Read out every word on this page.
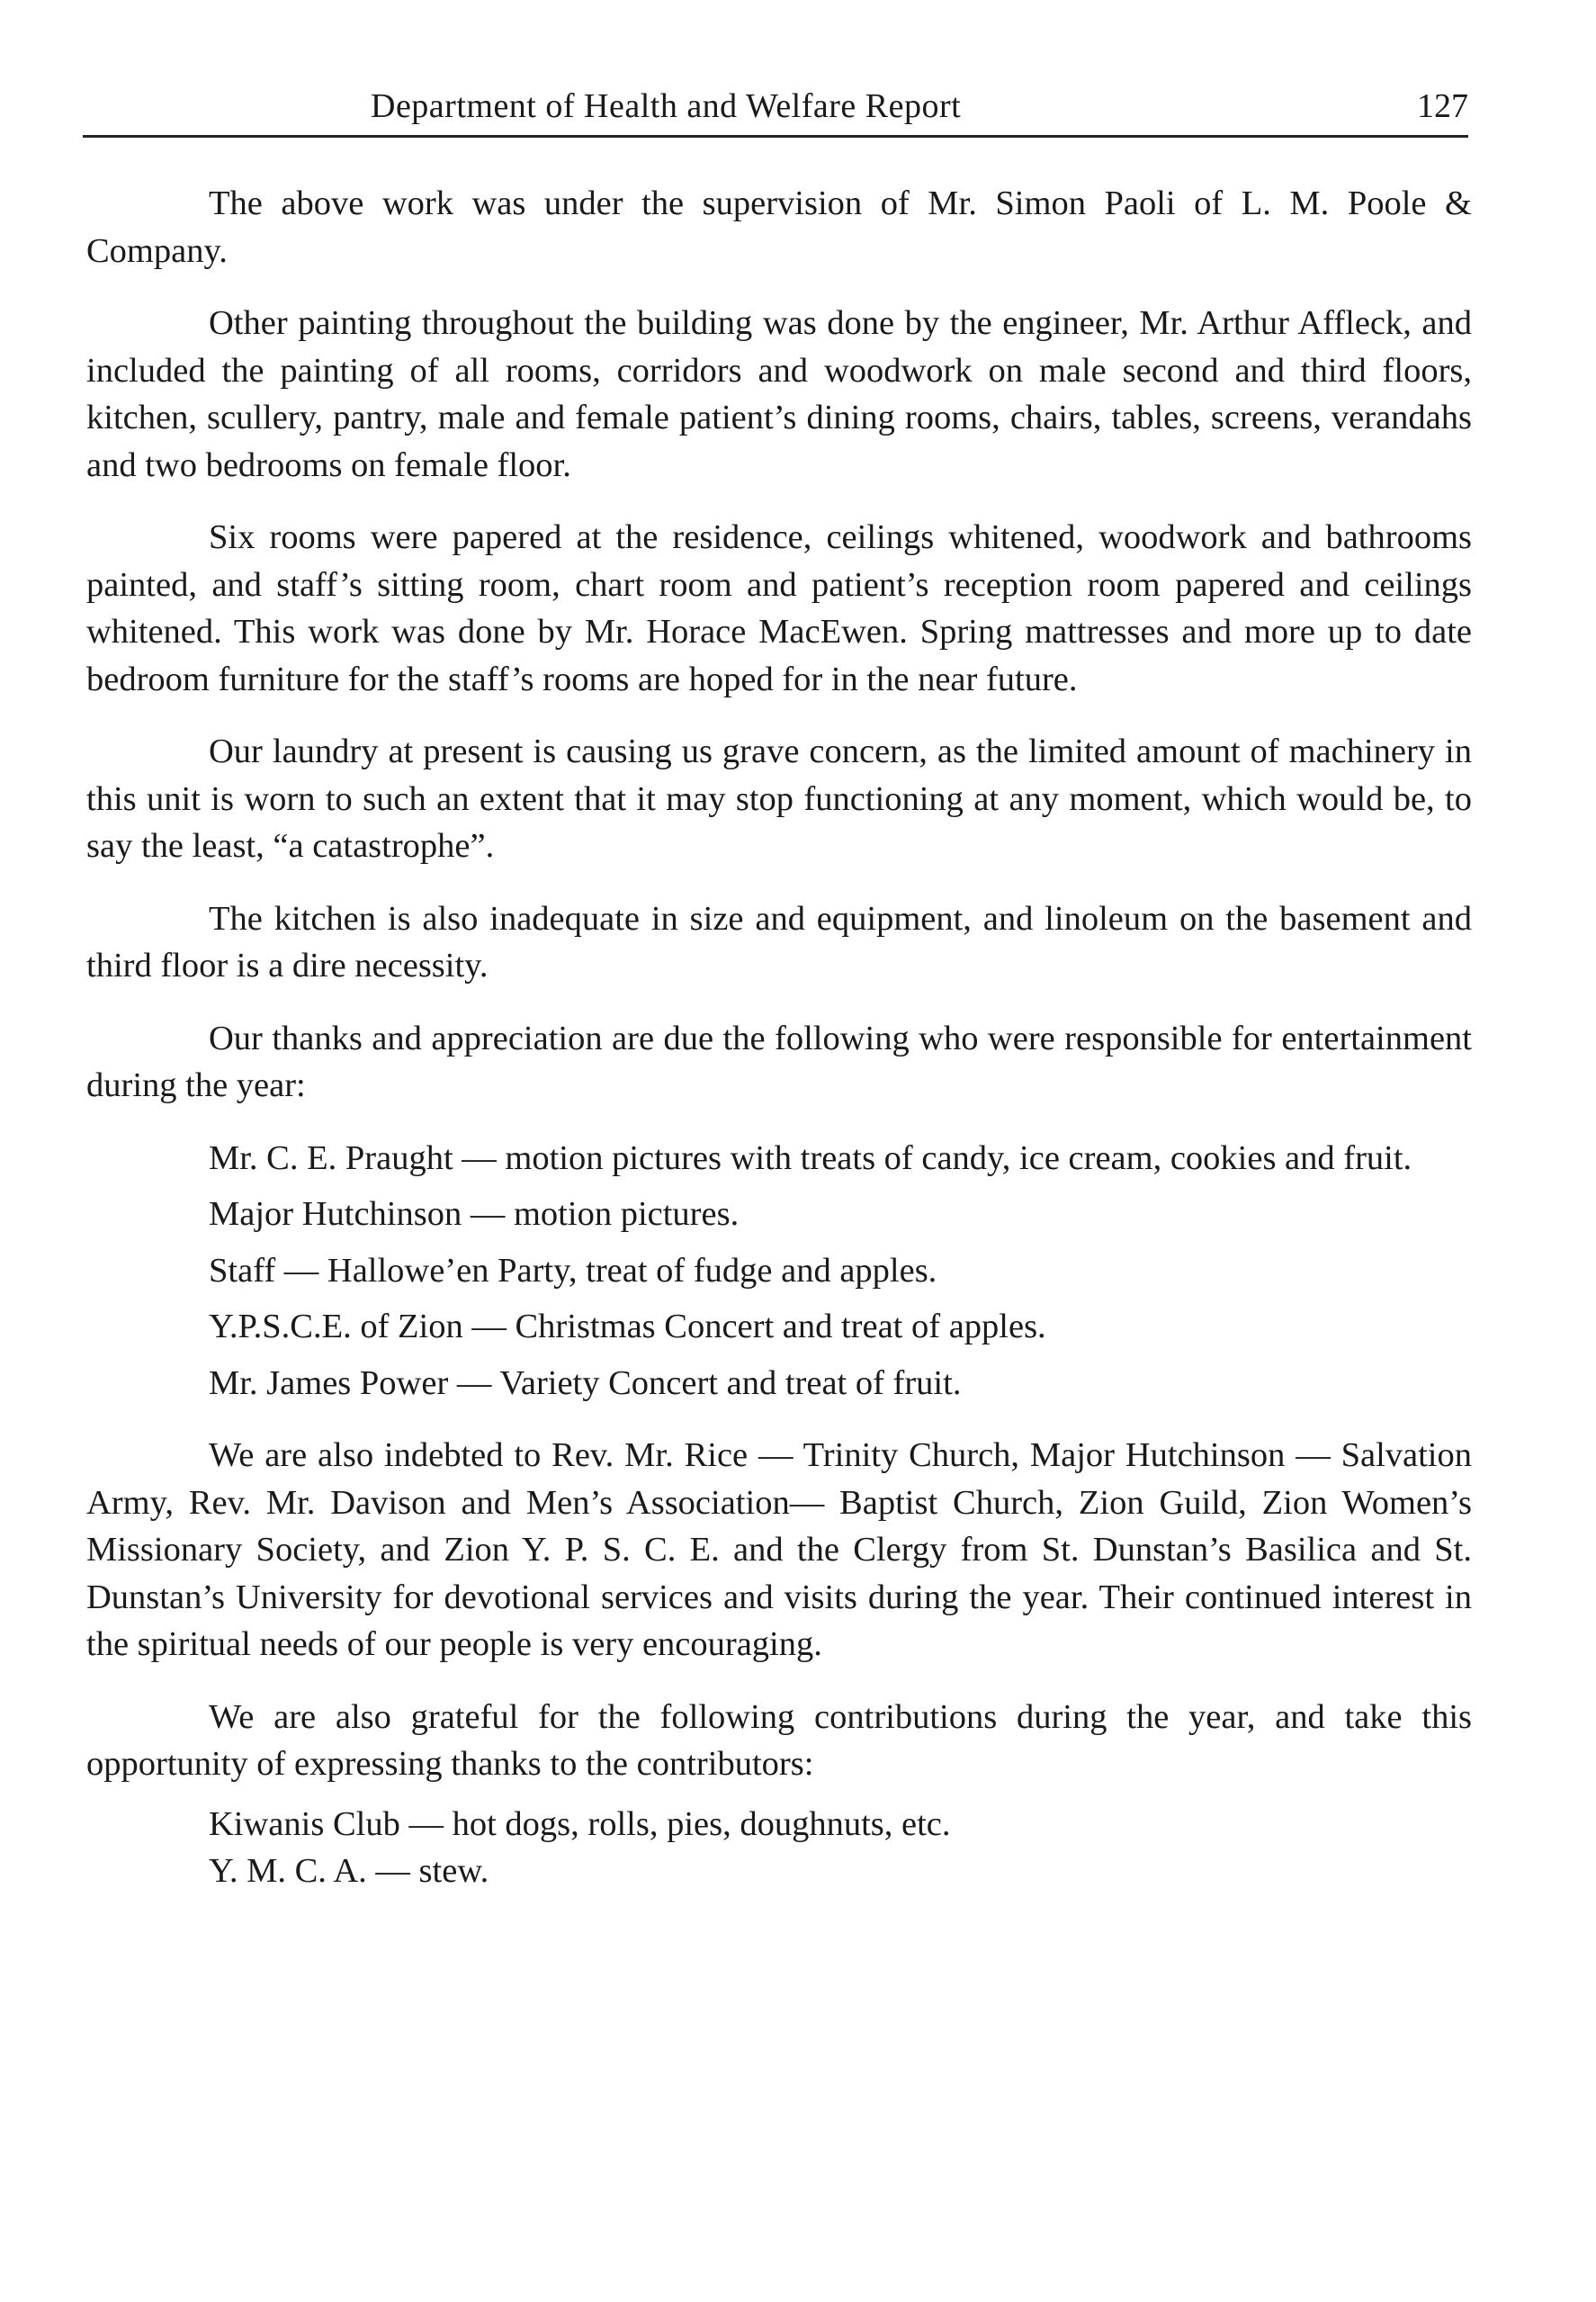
Department of Health and Welfare Report	127

The above work was under the supervision of Mr. Simon Paoli of L. M. Poole & Company.

Other painting throughout the building was done by the engineer, Mr. Arthur Affleck, and included the painting of all rooms, corridors and woodwork on male second and third floors, kitchen, scullery, pantry, male and female patient’s dining rooms, chairs, tables, screens, verandahs and two bedrooms on female floor.

Six rooms were papered at the residence, ceilings whitened, woodwork and bathrooms painted, and staff’s sitting room, chart room and patient’s reception room papered and ceilings whitened. This work was done by Mr. Horace MacEwen. Spring mattresses and more up to date bedroom furniture for the staff’s rooms are hoped for in the near future.

Our laundry at present is causing us grave concern, as the limited amount of machinery in this unit is worn to such an extent that it may stop functioning at any moment, which would be, to say the least, “a catastrophe”.

The kitchen is also inadequate in size and equipment, and linoleum on the basement and third floor is a dire necessity.

Our thanks and appreciation are due the following who were responsible for entertainment during the year:

Mr. C. E. Praught — motion pictures with treats of candy, ice cream, cookies and fruit.
Major Hutchinson — motion pictures.
Staff — Hallowe’en Party, treat of fudge and apples.
Y.P.S.C.E. of Zion — Christmas Concert and treat of apples.
Mr. James Power — Variety Concert and treat of fruit.

We are also indebted to Rev. Mr. Rice — Trinity Church, Major Hutchinson — Salvation Army, Rev. Mr. Davison and Men’s Association— Baptist Church, Zion Guild, Zion Women’s Missionary Society, and Zion Y. P. S. C. E. and the Clergy from St. Dunstan’s Basilica and St. Dunstan’s University for devotional services and visits during the year. Their continued interest in the spiritual needs of our people is very encouraging.

We are also grateful for the following contributions during the year, and take this opportunity of expressing thanks to the contributors:

Kiwanis Club — hot dogs, rolls, pies, doughnuts, etc.
Y. M. C. A. — stew.
